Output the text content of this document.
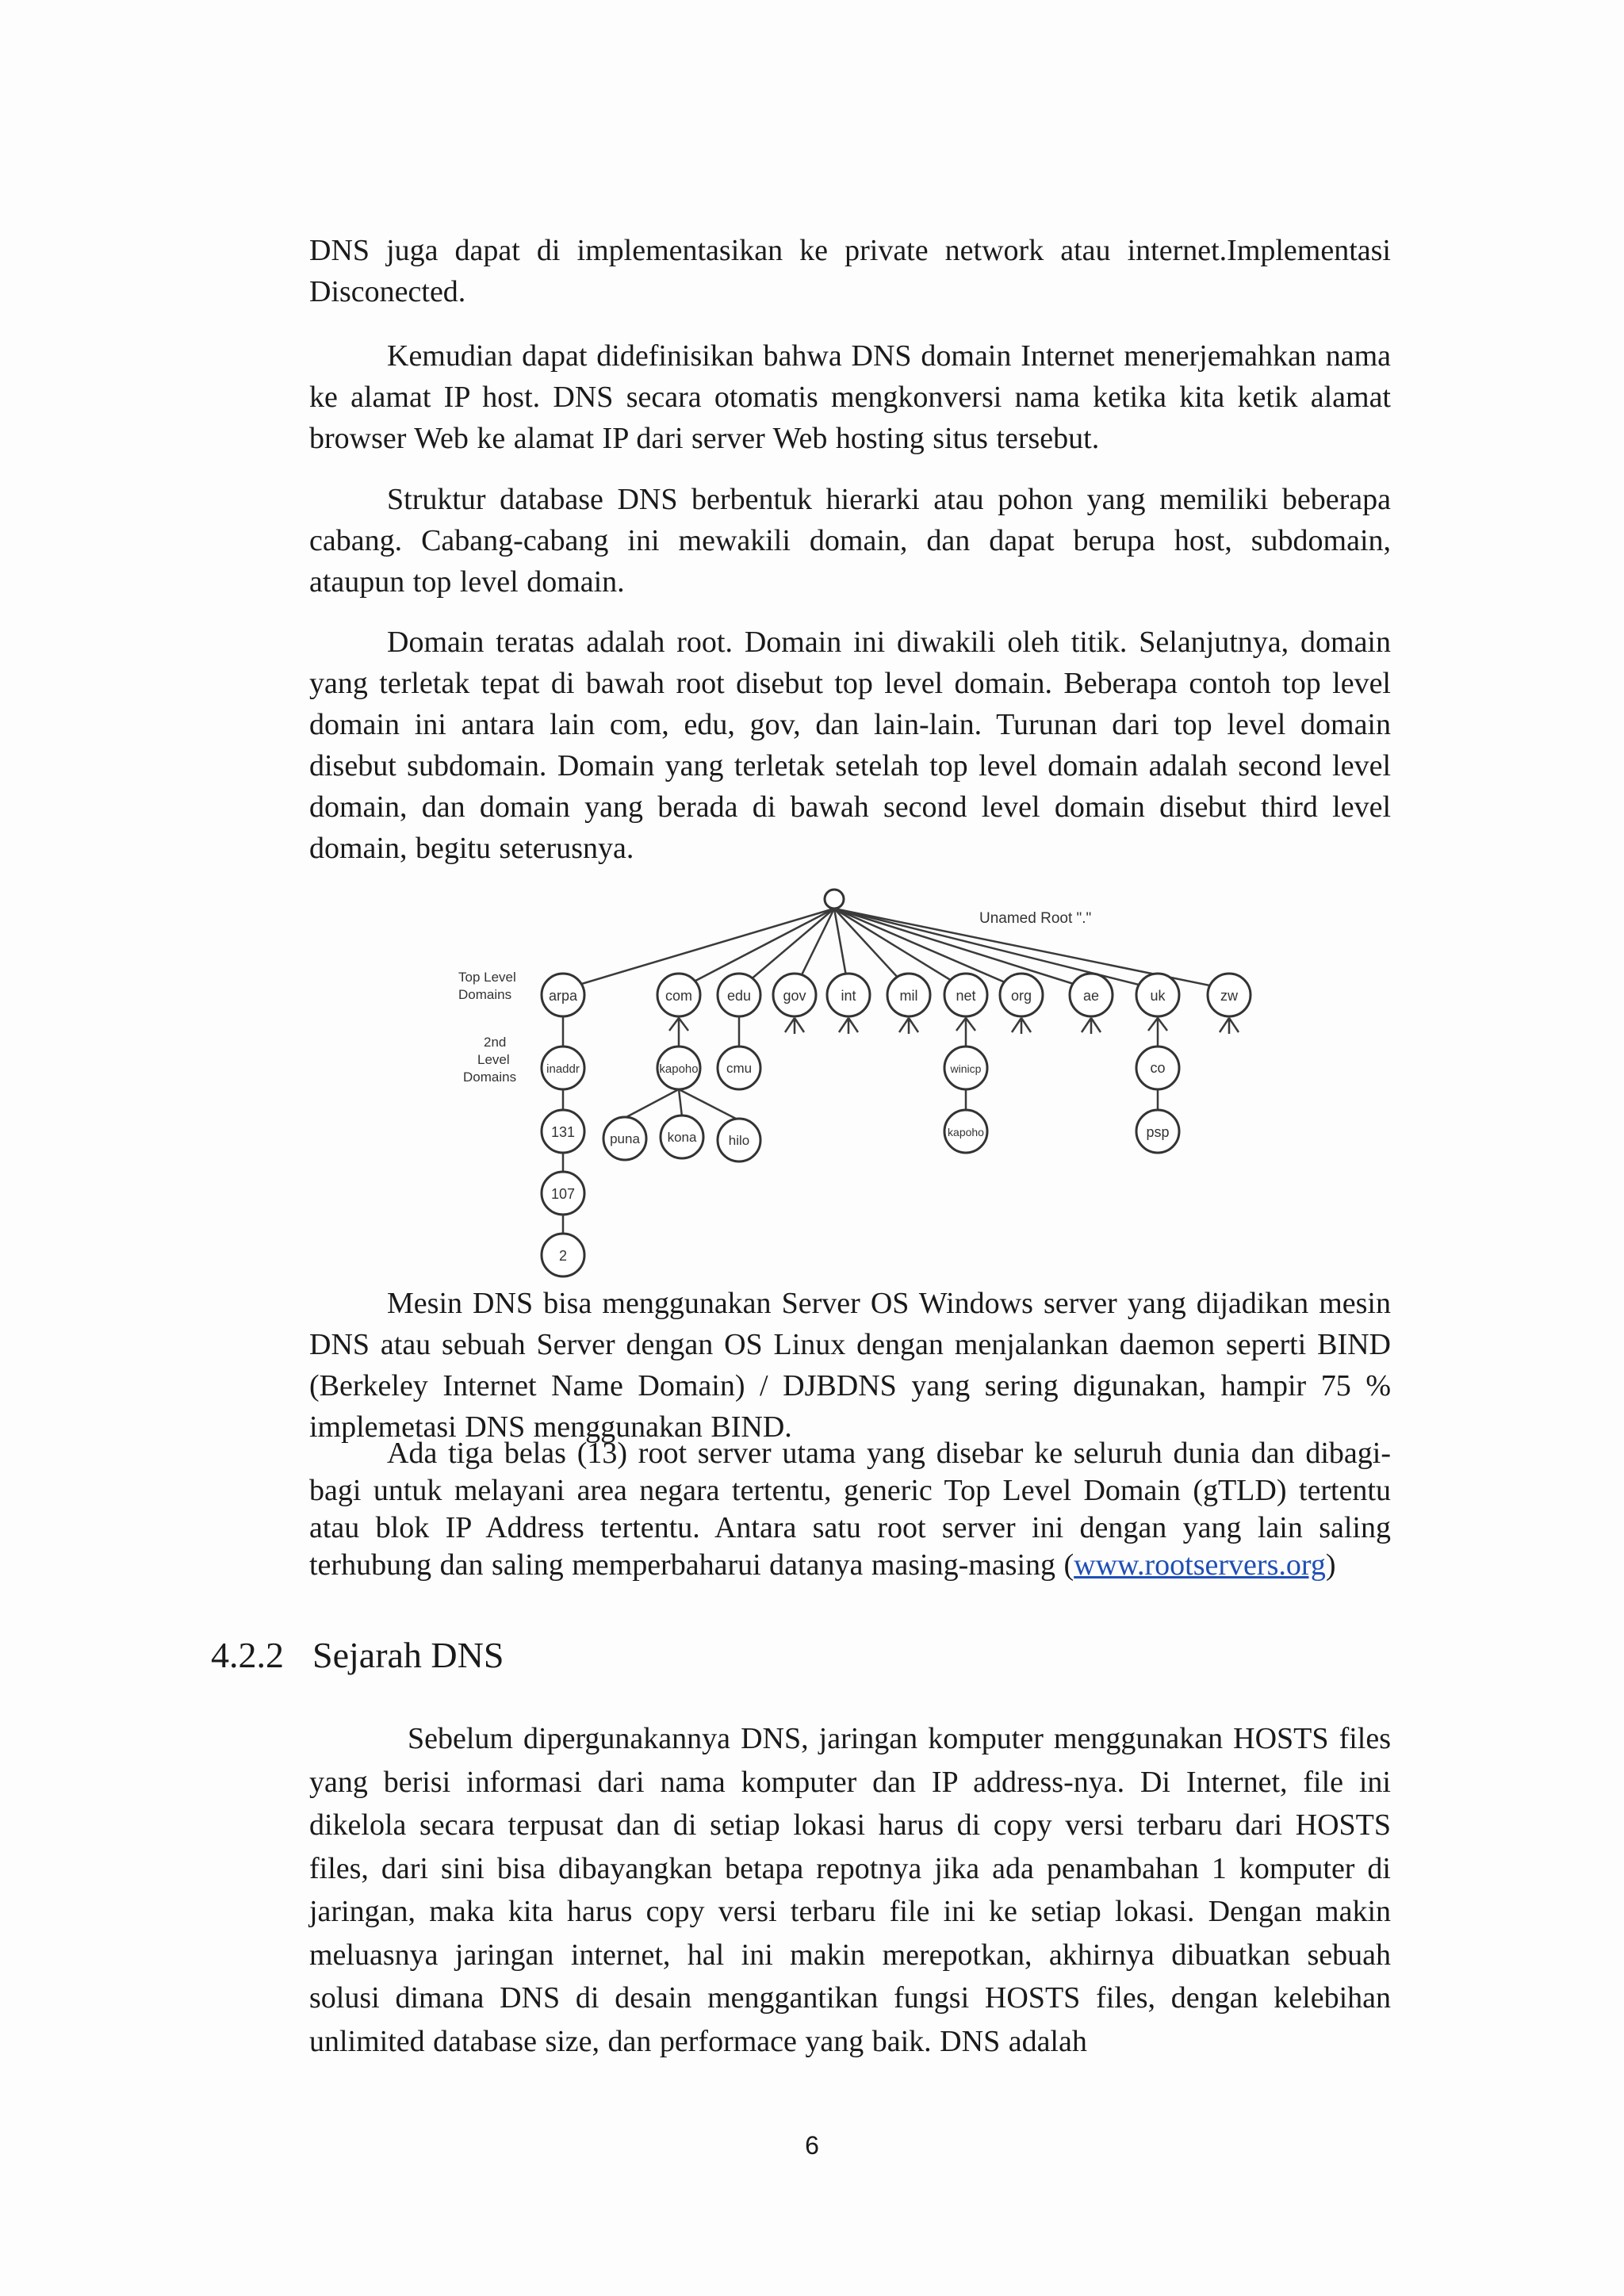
DNS juga dapat di implementasikan ke private network atau internet.Implementasi Disconected.

Kemudian dapat didefinisikan bahwa DNS domain Internet menerjemahkan nama ke alamat IP host. DNS secara otomatis mengkonversi nama ketika kita ketik alamat browser Web ke alamat IP dari server Web hosting situs tersebut.

Struktur database DNS berbentuk hierarki atau pohon yang memiliki beberapa cabang. Cabang-cabang ini mewakili domain, dan dapat berupa host, subdomain, ataupun top level domain.

Domain teratas adalah root. Domain ini diwakili oleh titik. Selanjutnya, domain yang terletak tepat di bawah root disebut top level domain. Beberapa contoh top level domain ini antara lain com, edu, gov, dan lain-lain. Turunan dari top level domain disebut subdomain. Domain yang terletak setelah top level domain adalah second level domain, dan domain yang berada di bawah second level domain disebut third level domain, begitu seterusnya.

Unamed Root "."
Top Level
Domains
2nd
Level
Domains
arpa	com edu gov int	mil	net org	ae	uk	zw
inaddr	kapoho cmu	winicp	co
131	puna kona hilo
kapoho	psp
107
2

Mesin DNS bisa menggunakan Server OS Windows server yang dijadikan mesin DNS atau sebuah Server dengan OS Linux dengan menjalankan daemon seperti BIND (Berkeley Internet Name Domain) / DJBDNS yang sering digunakan, hampir 75 % implemetasi DNS menggunakan BIND.

Ada tiga belas (13) root server utama yang disebar ke seluruh dunia dan dibagi-bagi untuk melayani area negara tertentu, generic Top Level Domain (gTLD) tertentu atau blok IP Address tertentu. Antara satu root server ini dengan yang lain saling terhubung dan saling memperbaharui datanya masing-masing (www.rootservers.org)

4.2.2 Sejarah DNS

Sebelum dipergunakannya DNS, jaringan komputer menggunakan HOSTS files yang berisi informasi dari nama komputer dan IP address-nya. Di Internet, file ini dikelola secara terpusat dan di setiap lokasi harus di copy versi terbaru dari HOSTS files, dari sini bisa dibayangkan betapa repotnya jika ada penambahan 1 komputer di jaringan, maka kita harus copy versi terbaru file ini ke setiap lokasi. Dengan makin meluasnya jaringan internet, hal ini makin merepotkan, akhirnya dibuatkan sebuah solusi dimana DNS di desain menggantikan fungsi HOSTS files, dengan kelebihan unlimited database size, dan performace yang baik. DNS adalah

6
